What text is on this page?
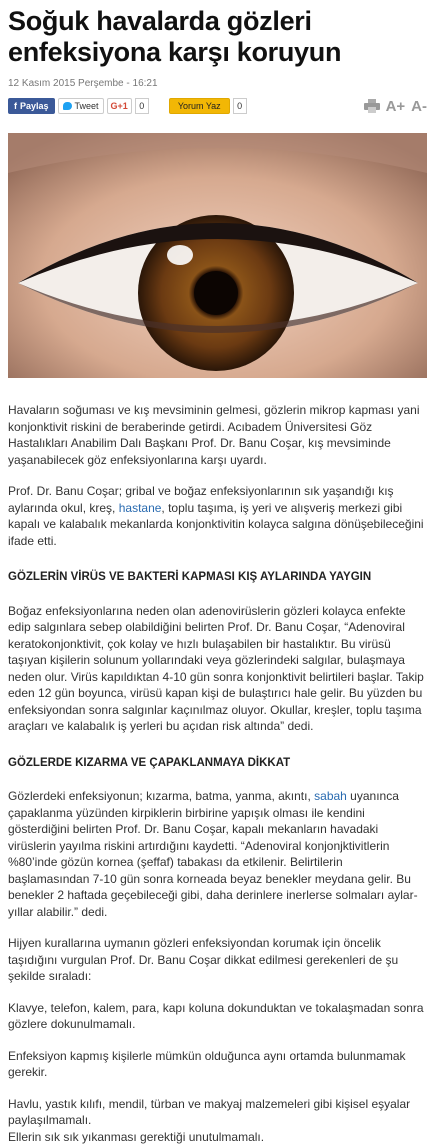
Soğuk havalarda gözleri enfeksiyona karşı koruyun
12 Kasım 2015 Perşembe - 16:21
f Paylaş	Tweet G+1	0	Yorum Yaz	0	A+ A-

Havaların soğuması ve kış mevsiminin gelmesi, gözlerin mikrop kapması yani konjonktivit riskini de beraberinde getirdi. Acıbadem Üniversitesi Göz Hastalıkları Anabilim Dalı Başkanı Prof. Dr. Banu Coşar, kış mevsiminde yaşanabilecek göz enfeksiyonlarına karşı uyardı.

Prof. Dr. Banu Coşar; gribal ve boğaz enfeksiyonlarının sık yaşandığı kış aylarında okul, kreş, hastane, toplu taşıma, iş yeri ve alışveriş merkezi gibi kapalı ve kalabalık mekanlarda konjonktivitin kolayca salgına dönüşebileceğini ifade etti.

GÖZLERİN VİRÜS VE BAKTERİ KAPMASI KIŞ AYLARINDA YAYGIN

Boğaz enfeksiyonlarına neden olan adenovirüslerin gözleri kolayca enfekte edip salgınlara sebep olabildiğini belirten Prof. Dr. Banu Coşar, “Adenoviral keratokonjonktivit, çok kolay ve hızlı bulaşabilen bir hastalıktır. Bu virüsü taşıyan kişilerin solunum yollarındaki veya gözlerindeki salgılar, bulaşmaya neden olur. Virüs kapıldıktan 4-10 gün sonra konjonktivit belirtileri başlar. Takip eden 12 gün boyunca, virüsü kapan kişi de bulaştırıcı hale gelir. Bu yüzden bu enfeksiyondan sonra salgınlar kaçınılmaz oluyor. Okullar, kreşler, toplu taşıma araçları ve kalabalık iş yerleri bu açıdan risk altında” dedi.

GÖZLERDE KIZARMA VE ÇAPAKLANMAYA DİKKAT

Gözlerdeki enfeksiyonun; kızarma, batma, yanma, akıntı, sabah uyanınca çapaklanma yüzünden kirpiklerin birbirine yapışık olması ile kendini gösterdiğini belirten Prof. Dr. Banu Coşar, kapalı mekanların havadaki virüslerin yayılma riskini artırdığını kaydetti. “Adenoviral konjonjktivitlerin %80’inde gözün kornea (şeffaf) tabakası da etkilenir. Belirtilerin başlamasından 7-10 gün sonra korneada beyaz benekler meydana gelir. Bu benekler 2 haftada geçebileceği gibi, daha derinlere inerlerse solmaları aylar-yıllar alabilir.” dedi.

Hijyen kurallarına uymanın gözleri enfeksiyondan korumak için öncelik taşıdığını vurgulan Prof. Dr. Banu Coşar dikkat edilmesi gerekenleri de şu şekilde sıraladı:

Klavye, telefon, kalem, para, kapı koluna dokunduktan ve tokalaşmadan sonra gözlere dokunulmamalı.

Enfeksiyon kapmış kişilerle mümkün olduğunca aynı ortamda bulunmamak gerekir.

Havlu, yastık kılıfı, mendil, türban ve makyaj malzemeleri gibi kişisel eşyalar paylaşılmamalı.

Ellerin sık sık yıkanması gerektiği unutulmamalı.
